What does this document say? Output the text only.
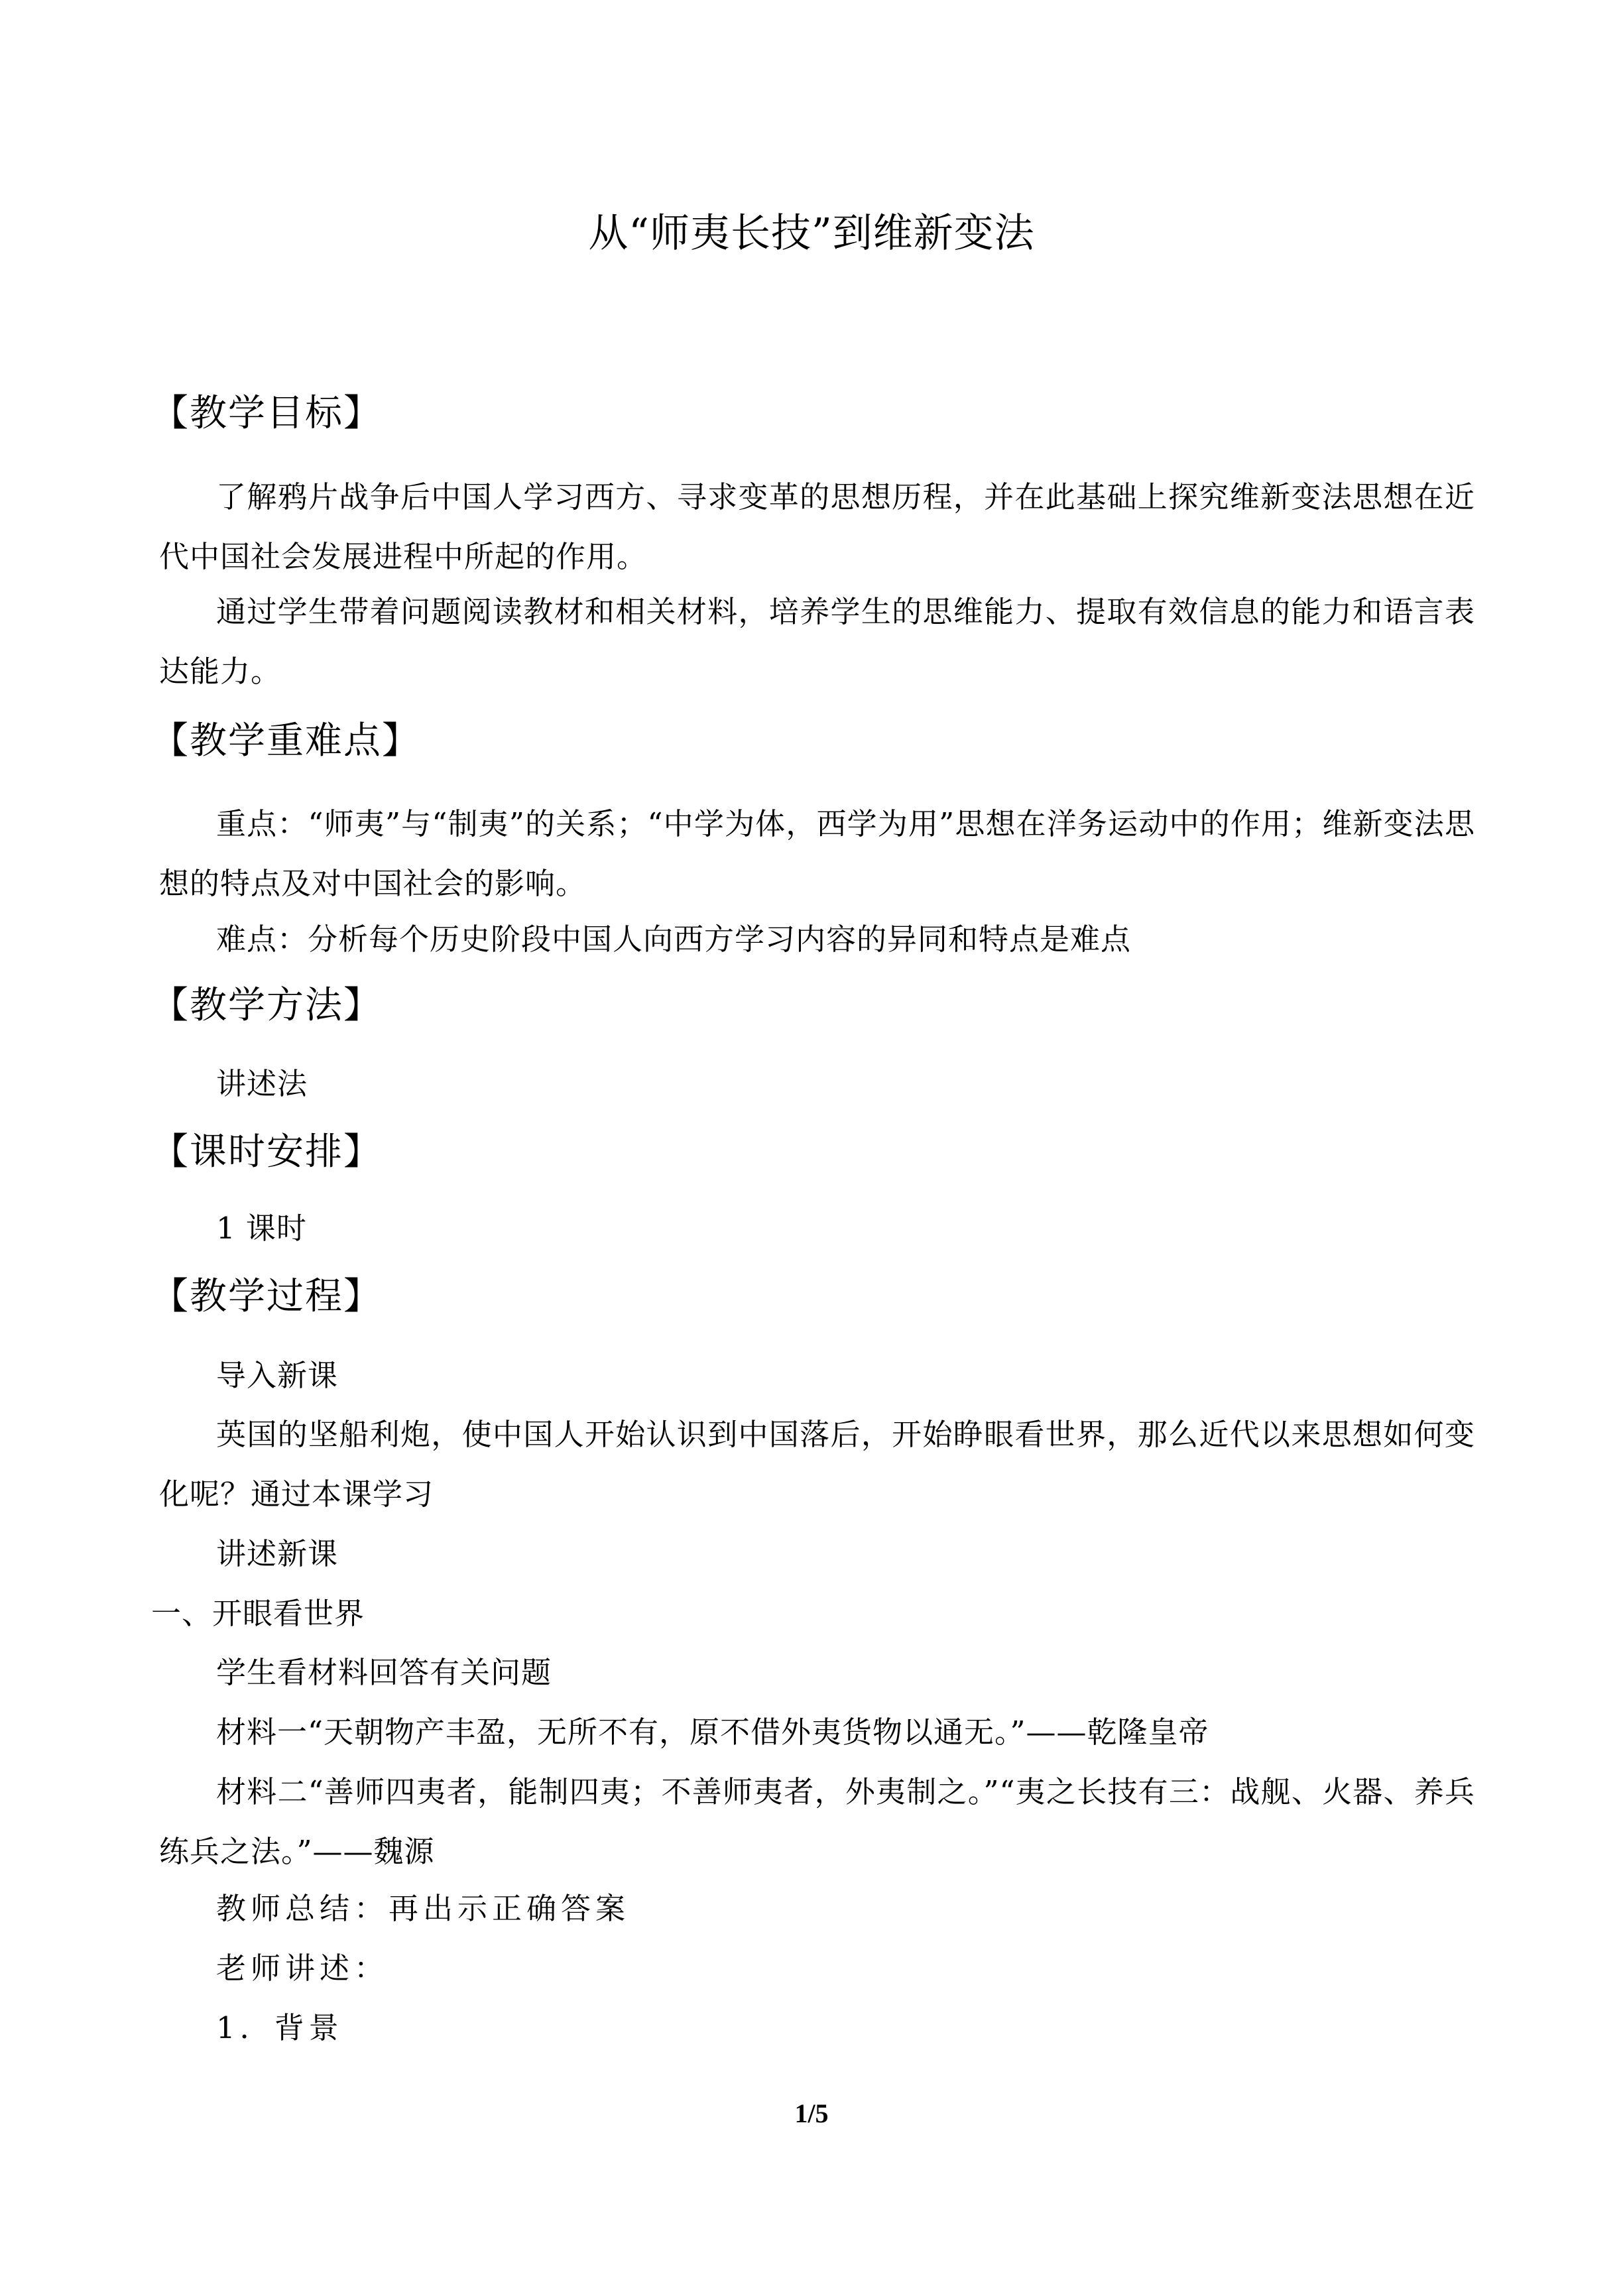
从“师夷长技”到维新变法
【教学目标】

了解鸦片战争后中国人学习西方、寻求变革的思想历程，并在此基础上探究维新变法思想在近代中国社会发展进程中所起的作用。

通过学生带着问题阅读教材和相关材料，培养学生的思维能力、提取有效信息的能力和语言表达能力。

【教学重难点】

重点：“师夷”与“制夷”的关系；“中学为体，西学为用”思想在洋务运动中的作用；维新变法思想的特点及对中国社会的影响。

难点：分析每个历史阶段中国人向西方学习内容的异同和特点是难点

【教学方法】

讲述法

【课时安排】

1 课时

【教学过程】

导入新课

英国的坚船利炮，使中国人开始认识到中国落后，开始睁眼看世界，那么近代以来思想如何变化呢？通过本课学习

讲述新课

一、开眼看世界

学生看材料回答有关问题

材料一“天朝物产丰盈，无所不有，原不借外夷货物以通无。”——乾隆皇帝

材料二“善师四夷者，能制四夷；不善师夷者，外夷制之。”“夷之长技有三：战舰、火器、养兵练兵之法。”——魏源

教师总结：再出示正确答案

老师讲述：

1．背景

1/5
